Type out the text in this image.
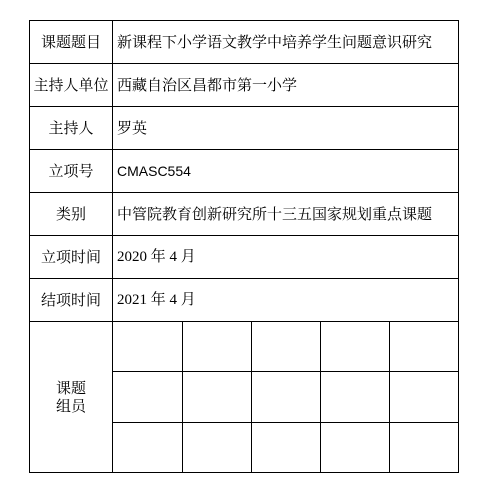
课题题目	新课程下小学语文教学中培养学生问题意识研究
主持人单位	西藏自治区昌都市第一小学
主持人	罗英
立项号	CMASC554
类别	中管院教育创新研究所十三五国家规划重点课题
立项时间	2020 年 4 月
结项时间	2021 年 4 月

课题
组员
